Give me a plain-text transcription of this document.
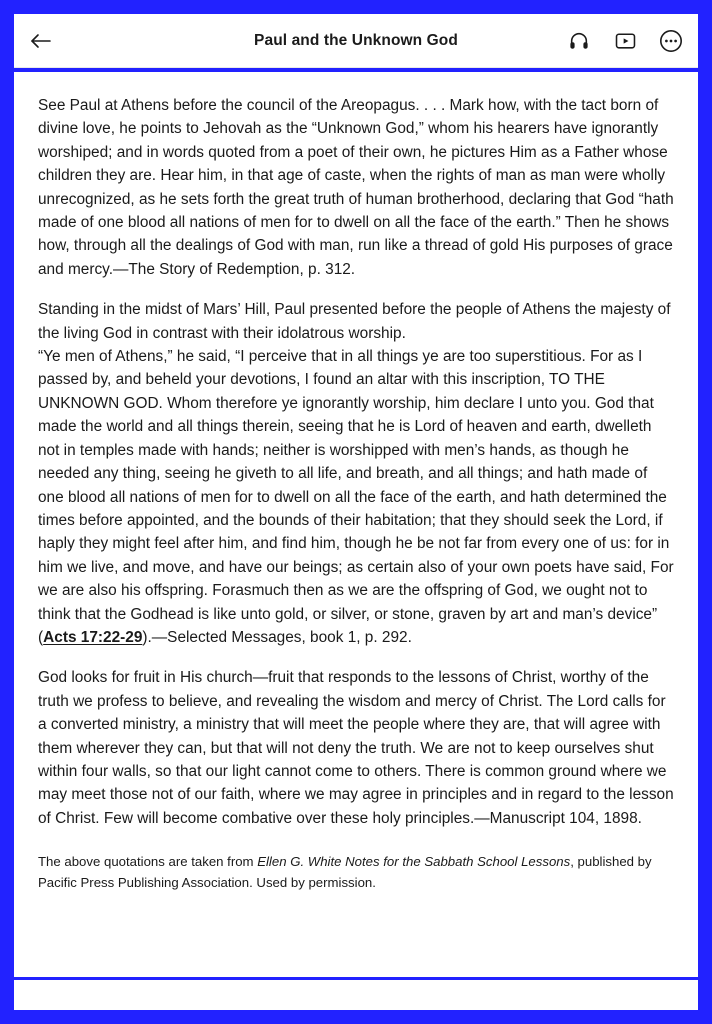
Paul and the Unknown God

See Paul at Athens before the council of the Areopagus. . . . Mark how, with the tact born of divine love, he points to Jehovah as the “Unknown God,” whom his hearers have ignorantly worshiped; and in words quoted from a poet of their own, he pictures Him as a Father whose children they are. Hear him, in that age of caste, when the rights of man as man were wholly unrecognized, as he sets forth the great truth of human brotherhood, declaring that God “hath made of one blood all nations of men for to dwell on all the face of the earth.” Then he shows how, through all the dealings of God with man, run like a thread of gold His purposes of grace and mercy.—The Story of Redemption, p. 312.

Standing in the midst of Mars’ Hill, Paul presented before the people of Athens the majesty of the living God in contrast with their idolatrous worship.

“Ye men of Athens,” he said, “I perceive that in all things ye are too superstitious. For as I passed by, and beheld your devotions, I found an altar with this inscription, TO THE UNKNOWN GOD. Whom therefore ye ignorantly worship, him declare I unto you. God that made the world and all things therein, seeing that he is Lord of heaven and earth, dwelleth not in temples made with hands; neither is worshipped with men’s hands, as though he needed any thing, seeing he giveth to all life, and breath, and all things; and hath made of one blood all nations of men for to dwell on all the face of the earth, and hath determined the times before appointed, and the bounds of their habitation; that they should seek the Lord, if haply they might feel after him, and find him, though he be not far from every one of us: for in him we live, and move, and have our beings; as certain also of your own poets have said, For we are also his offspring. Forasmuch then as we are the offspring of God, we ought not to think that the Godhead is like unto gold, or silver, or stone, graven by art and man’s device” (Acts 17:22-29).—Selected Messages, book 1, p. 292.

God looks for fruit in His church—fruit that responds to the lessons of Christ, worthy of the truth we profess to believe, and revealing the wisdom and mercy of Christ. The Lord calls for a converted ministry, a ministry that will meet the people where they are, that will agree with them wherever they can, but that will not deny the truth. We are not to keep ourselves shut within four walls, so that our light cannot come to others. There is common ground where we may meet those not of our faith, where we may agree in principles and in regard to the lesson of Christ. Few will become combative over these holy principles.—Manuscript 104, 1898.

The above quotations are taken from Ellen G. White Notes for the Sabbath School Lessons, published by Pacific Press Publishing Association. Used by permission.
